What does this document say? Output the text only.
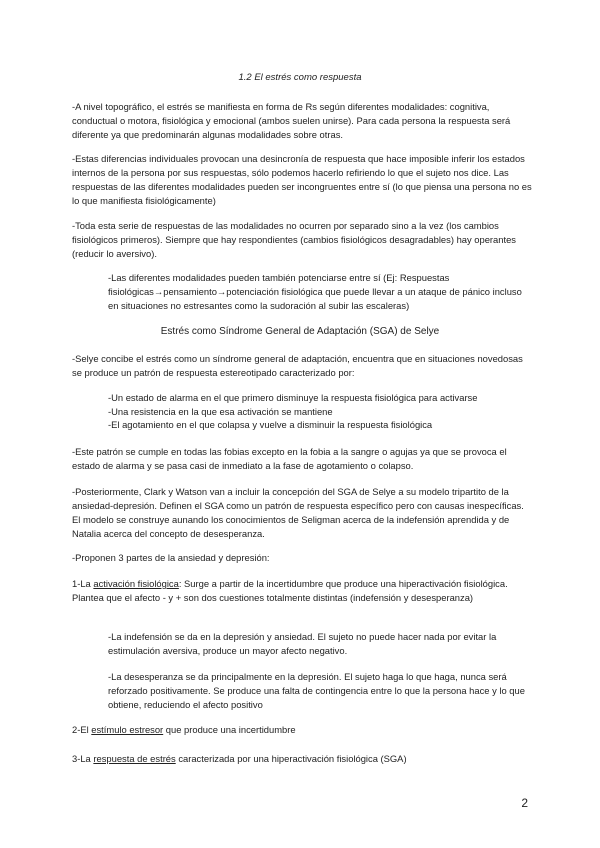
1.2 El estrés como respuesta
-A nivel topográfico, el estrés se manifiesta en forma de Rs según diferentes modalidades: cognitiva, conductual o motora, fisiológica y emocional (ambos suelen unirse). Para cada persona la respuesta será diferente ya que predominarán algunas modalidades sobre otras.
-Estas diferencias individuales provocan una desincronía de respuesta que hace imposible inferir los estados internos de la persona por sus respuestas, sólo podemos hacerlo refiriendo lo que el sujeto nos dice. Las respuestas de las diferentes modalidades pueden ser incongruentes entre sí (lo que piensa una persona no es lo que manifiesta fisiológicamente)
-Toda esta serie de respuestas de las modalidades no ocurren por separado sino a la vez (los cambios fisiológicos primeros). Siempre que hay respondientes (cambios fisiológicos desagradables) hay operantes (reducir lo aversivo).
-Las diferentes modalidades pueden también potenciarse entre sí (Ej: Respuestas fisiológicas→pensamiento→potenciación fisiológica que puede llevar a un ataque de pánico incluso en situaciones no estresantes como la sudoración al subir las escaleras)
Estrés como Síndrome General de Adaptación (SGA) de Selye
-Selye concibe el estrés como un síndrome general de adaptación, encuentra que en situaciones novedosas se produce un patrón de respuesta estereotipado caracterizado por:
-Un estado de alarma en el que primero disminuye la respuesta fisiológica para activarse
-Una resistencia en la que esa activación se mantiene
-El agotamiento en el que colapsa y vuelve a disminuir la respuesta fisiológica
-Este patrón se cumple en todas las fobias excepto en la fobia a la sangre o agujas ya que se provoca el estado de alarma y se pasa casi de inmediato a la fase de agotamiento o colapso.
-Posteriormente, Clark y Watson van a incluir la concepción del SGA de Selye a su modelo tripartito de la ansiedad-depresión. Definen el SGA como un patrón de respuesta específico pero con causas inespecíficas. El modelo se construye aunando los conocimientos de Seligman acerca de la indefensión aprendida y de Natalia acerca del concepto de desesperanza.
-Proponen 3 partes de la ansiedad y depresión:
1-La activación fisiológica: Surge a partir de la incertidumbre que produce una hiperactivación fisiológica. Plantea que el afecto - y + son dos cuestiones totalmente distintas (indefensión y desesperanza)
-La indefensión se da en la depresión y ansiedad. El sujeto no puede hacer nada por evitar la estimulación aversiva, produce un mayor afecto negativo.
-La desesperanza se da principalmente en la depresión. El sujeto haga lo que haga, nunca será reforzado positivamente. Se produce una falta de contingencia entre lo que la persona hace y lo que obtiene, reduciendo el afecto positivo
2-El estímulo estresor que produce una incertidumbre
3-La respuesta de estrés caracterizada por una hiperactivación fisiológica (SGA)
2
